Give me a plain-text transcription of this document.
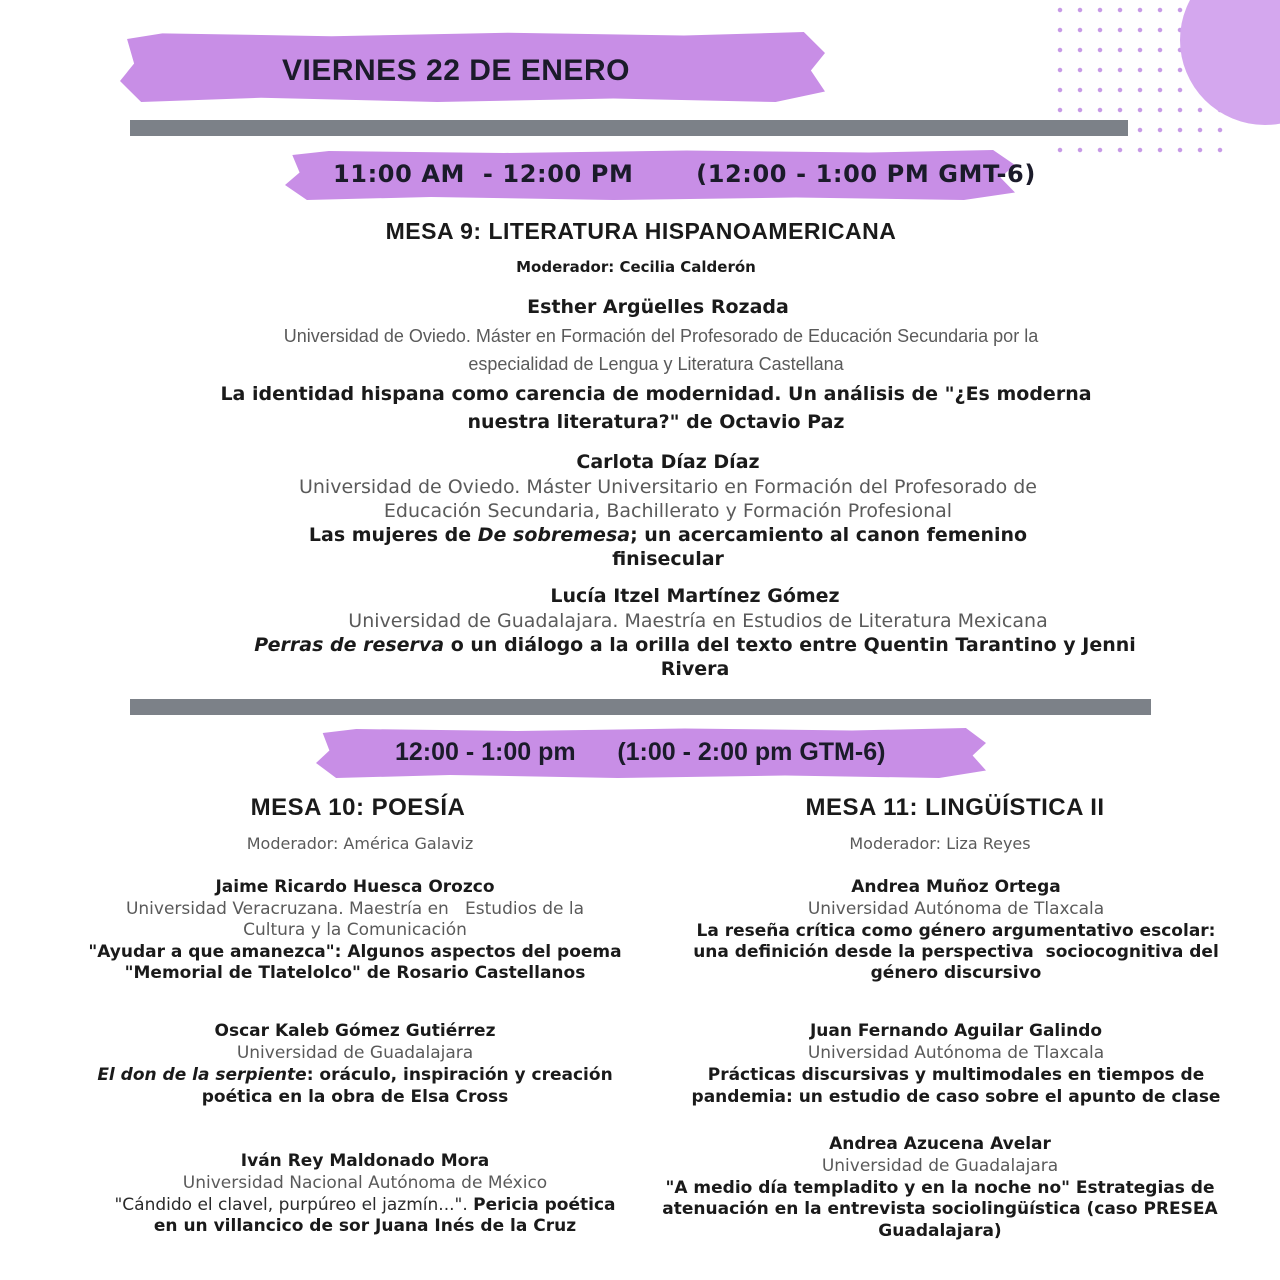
VIERNES 22 DE ENERO
11:00 AM  - 12:00 PM       (12:00 - 1:00 PM GMT-6)
MESA 9: LITERATURA HISPANOAMERICANA
Moderador: Cecilia Calderón
Esther Argüelles Rozada
Universidad de Oviedo. Máster en Formación del Profesorado de Educación Secundaria por la
especialidad de Lengua y Literatura Castellana
La identidad hispana como carencia de modernidad. Un análisis de "¿Es moderna
nuestra literatura?" de Octavio Paz
Carlota Díaz Díaz
Universidad de Oviedo. Máster Universitario en Formación del Profesorado de
Educación Secundaria, Bachillerato y Formación Profesional
Las mujeres de De sobremesa; un acercamiento al canon femenino
finisecular
Lucía Itzel Martínez Gómez
Universidad de Guadalajara. Maestría en Estudios de Literatura Mexicana
Perras de reserva o un diálogo a la orilla del texto entre Quentin Tarantino y Jenni
Rivera
12:00 - 1:00 pm      (1:00 - 2:00 pm GTM-6)
MESA 10: POESÍA
Moderador: América Galaviz
Jaime Ricardo Huesca Orozco
Universidad Veracruzana. Maestría en   Estudios de la
Cultura y la Comunicación
"Ayudar a que amanezca": Algunos aspectos del poema
"Memorial de Tlatelolco" de Rosario Castellanos
Oscar Kaleb Gómez Gutiérrez
Universidad de Guadalajara
El don de la serpiente: oráculo, inspiración y creación
poética en la obra de Elsa Cross
Iván Rey Maldonado Mora
Universidad Nacional Autónoma de México
"Cándido el clavel, purpúreo el jazmín...". Pericia poética
en un villancico de sor Juana Inés de la Cruz
MESA 11: LINGÜÍSTICA II
Moderador: Liza Reyes
Andrea Muñoz Ortega
Universidad Autónoma de Tlaxcala
La reseña crítica como género argumentativo escolar:
una definición desde la perspectiva  sociocognitiva del
género discursivo
Juan Fernando Aguilar Galindo
Universidad Autónoma de Tlaxcala
Prácticas discursivas y multimodales en tiempos de
pandemia: un estudio de caso sobre el apunto de clase
Andrea Azucena Avelar
Universidad de Guadalajara
"A medio día templadito y en la noche no" Estrategias de
atenuación en la entrevista sociolingüística (caso PRESEA
Guadalajara)
